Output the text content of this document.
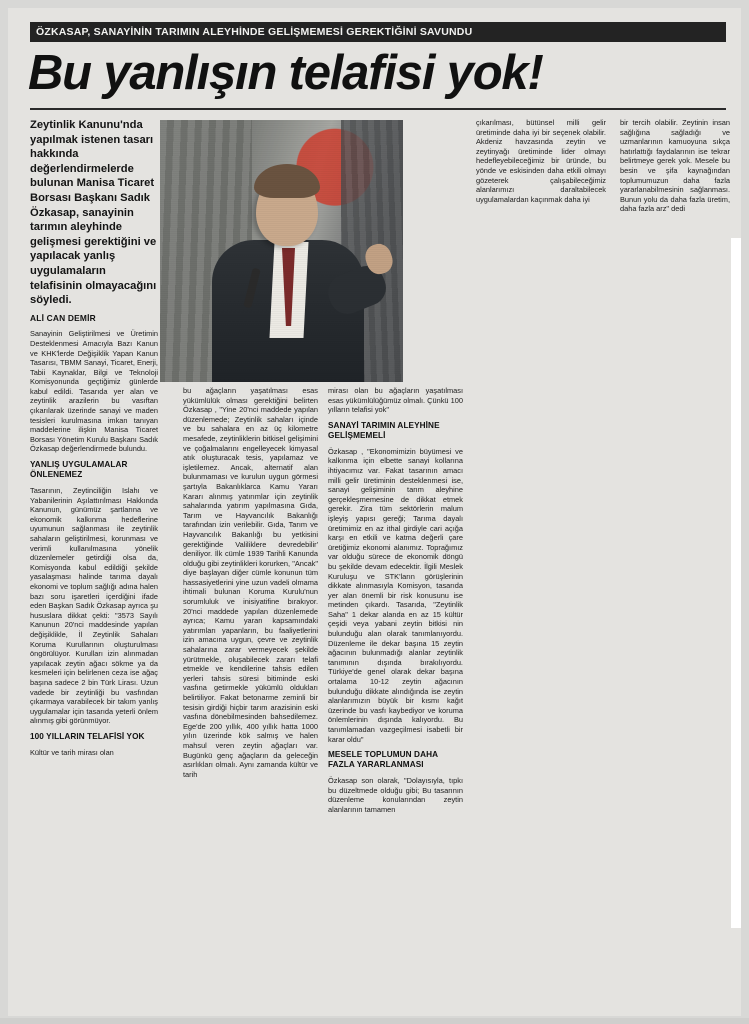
ÖZKASAP, SANAYİNİN TARIMIN ALEYHİNDE GELİŞMEMESİ GEREKTİĞİNİ SAVUNDU
Bu yanlışın telafisi yok!

Zeytinlik Kanunu'nda yapılmak istenen tasarı hakkında değerlendirmelerde bulunan Manisa Ticaret Borsası Başkanı Sadık Özkasap, sanayinin tarımın aleyhinde gelişmesi gerektiğini ve yapılacak yanlış uygulamaların telafisinin olmayacağını söyledi.

ALİ CAN DEMİR

Sanayinin Geliştirilmesi ve Üretimin Desteklenmesi Amacıyla Bazı Kanun ve KHK'lerde Değişiklik Yapan Kanun Tasarısı, TBMM Sanayi, Ticaret, Enerji, Tabii Kaynaklar, Bilgi ve Teknoloji Komisyonunda geçtiğimiz günlerde kabul edildi. Tasarıda yer alan ve zeytinlik arazilerin bu vasıftan çıkarılarak üzerinde sanayi ve maden tesisleri kurulmasına imkan tanıyan maddelerine ilişkin Manisa Ticaret Borsası Yönetim Kurulu Başkanı Sadık Özkasap değerlendirmede bulundu.

YANLIŞ UYGULAMALAR ÖNLENEMEZ

Tasarının, Zeytinciliğin Islahı ve Yabanilerinin Aşılattırılması Hakkında Kanunun, günümüz şartlarına ve ekonomik kalkınma hedeflerine uyumunun sağlanması ile zeytinlik sahaların geliştirilmesi, korunması ve verimli kullanılmasına yönelik düzenlemeler getirdiği olsa da, Komisyonda kabul edildiği şekilde yasalaşması halinde tarıma dayalı ekonomi ve toplum sağlığı adına halen bazı soru işaretleri içerdiğini ifade eden Başkan Sadık Özkasap ayrıca şu hususlara dikkat çekti: "3573 Sayılı Kanunun 20'nci maddesinde yapılan değişiklikle, İl Zeytinlik Sahaları Koruma Kurullarının oluşturulması öngörülüyor. Kurulları izin alınmadan yapılacak zeytin ağacı sökme ya da kesmeleri için belirlenen ceza ise ağaç başına sadece 2 bin Türk Lirası. Uzun vadede bir zeytinliği bu vasfından çıkarmaya varabilecek bir takım yanlış uygulamalar için tasarıda yeterli önlem alınmış gibi görünmüyor.

100 YILLARIN TELAFİSİ YOK

Kültür ve tarih mirası olan

bu ağaçların yaşatılması esas yükümlülük olması gerektiğini belirten Özkasap , "Yine 20'nci maddede yapılan düzenlemede; Zeytinlik sahaları içinde ve bu sahalara en az üç kilometre mesafede, zeytinliklerin bitkisel gelişimini ve çoğalmalarını engelleyecek kimyasal atık oluşturacak tesis, yapılamaz ve işletilemez. Ancak, alternatif alan bulunmaması ve kurulun uygun görmesi şartıyla Bakanlıklarca Kamu Yararı Kararı alınmış yatırımlar için zeytinlik sahalarında yatırım yapılmasına Gıda, Tarım ve Hayvancılık Bakanlığı tarafından izin verilebilir. Gıda, Tarım ve Hayvancılık Bakanlığı bu yetkisini gerektiğinde Valiliklere devredebilir' deniliyor. İlk cümle 1939 Tarihli Kanunda olduğu gibi zeytinlikleri korurken, "Ancak" diye başlayan diğer cümle konunun tüm hassasiyetlerini yine uzun vadeli olmama ihtimali bulunan Koruma Kurulu'nun sorumluluk ve inisiyatifine bırakıyor. 20'nci maddede yapılan düzenlemede ayrıca; Kamu yararı kapsamındaki yatırımları yapanların, bu faaliyetlerini izin amacına uygun, çevre ve zeytinlik sahalarına zarar vermeyecek şekilde yürütmekle, oluşabilecek zararı telafi etmekle ve kendilerine tahsis edilen yerleri tahsis süresi bitiminde eski vasfına getirmekle yükümlü oldukları belirtiliyor. Fakat betonarme zeminli bir tesisin girdiği hiçbir tarım arazisinin eski vasfına dönebilmesinden bahsedilemez. Ege'de 200 yıllık, 400 yıllık hatta 1000 yılın üzerinde kök salmış ve halen mahsul veren zeytin ağaçları var. Bugünkü genç ağaçların da geleceğin asırlıkları olmalı. Aynı zamanda kültür ve tarih

mirası olan bu ağaçların yaşatılması esas yükümlülüğümüz olmalı. Çünkü 100 yılların telafisi yok"

SANAYİ TARIMIN ALEYHİNE GELİŞMEMELİ

Özkasap , "Ekonomimizin büyümesi ve kalkınma için elbette sanayi kollarına ihtiyacımız var. Fakat tasarının amacı milli gelir üretiminin desteklenmesi ise, sanayi gelişiminin tarım aleyhine gerçekleşmemesine de dikkat etmek gerekir. Zira tüm sektörlerin malum işleyiş yapısı gereği; Tarıma dayalı üretimimiz en az ithal girdiyle cari açığa karşı en etkili ve katma değerli çare üretiğimiz ekonomi alanımız. Toprağımız var olduğu sürece de ekonomik döngü bu şekilde devam edecektir. İlgili Meslek Kuruluşu ve STK'ların görüşlerinin dikkate alınmasıyla Komisyon, tasarıda yer alan önemli bir risk konusunu ise metinden çıkardı. Tasarıda, "Zeytinlik Saha" 1 dekar alanda en az 15 kültür çeşidi veya yabani zeytin bitkisi nin bulunduğu alan olarak tanımlanıyordu. Düzenleme ile dekar başına 15 zeytin ağacının bulunmadığı alanlar zeytinlik tanımının dışında bırakılıyordu. Türkiye'de genel olarak dekar başına ortalama 10-12 zeytin ağacının bulunduğu dikkate alındığında ise zeytin alanlarımızın büyük bir kısmı kağıt üzerinde bu vasfı kaybediyor ve koruma önlemlerinin dışında kalıyordu. Bu tanımlamadan vazgeçilmesi isabetli bir karar oldu"

MESELE TOPLUMUN DAHA FAZLA YARARLANMASI

Özkasap son olarak, "Dolayısıyla, tıpkı bu düzeltmede olduğu gibi; Bu tasarının düzenleme konularından zeytin alanlarının tamamen

çıkarılması, bütünsel milli gelir üretiminde daha iyi bir seçenek olabilir. Akdeniz havzasında zeytin ve zeytinyağı üretiminde lider olmayı hedefleyebileceğimiz bir üründe, bu yönde ve eskisinden daha etkili olmayı gözeterek çalışabileceğimiz alanlarımızı daraltabilecek uygulamalardan kaçınmak daha iyi

bir tercih olabilir. Zeytinin insan sağlığına sağladığı ve uzmanlarının kamuoyuna sıkça hatırlattığı faydalarının ise tekrar belirtmeye gerek yok. Mesele bu besin ve şifa kaynağından toplumumuzun daha fazla yararlanabilmesinin sağlanması. Bunun yolu da daha fazla üretim, daha fazla arz" dedi
